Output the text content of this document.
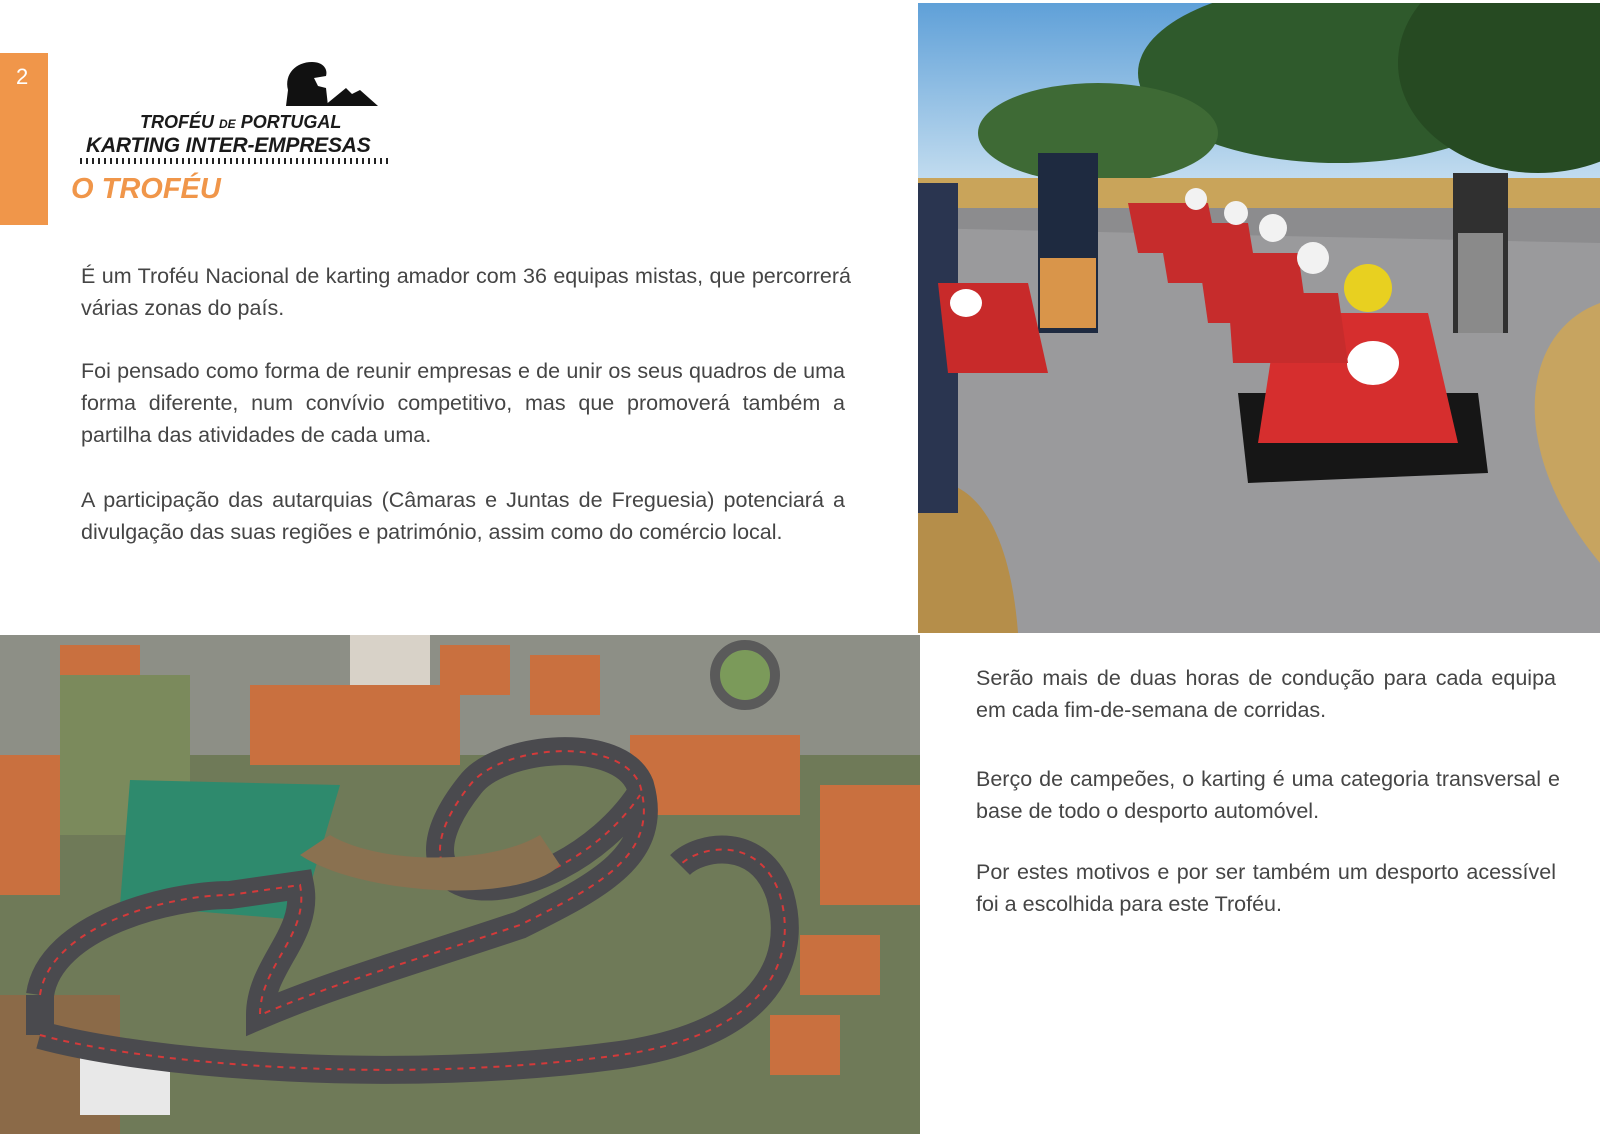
2
TROFÉU DE PORTUGAL
KARTING INTER-EMPRESAS
O TROFÉU

É um Troféu Nacional de karting amador com 36 equipas mistas, que percorrerá várias zonas do país.

Foi pensado como forma de reunir empresas e de unir os seus quadros de uma forma diferente, num convívio competitivo, mas que promoverá também a partilha das atividades de cada uma.

A participação das autarquias (Câmaras e Juntas de Freguesia) potenciará a divulgação das suas regiões e património, assim como do comércio local.

Serão mais de duas horas de condução para cada equipa em cada fim-de-semana de corridas.

Berço de campeões, o karting é uma categoria transversal e base de todo o desporto automóvel.

Por estes motivos e por ser também um desporto acessível foi a escolhida para este Troféu.
